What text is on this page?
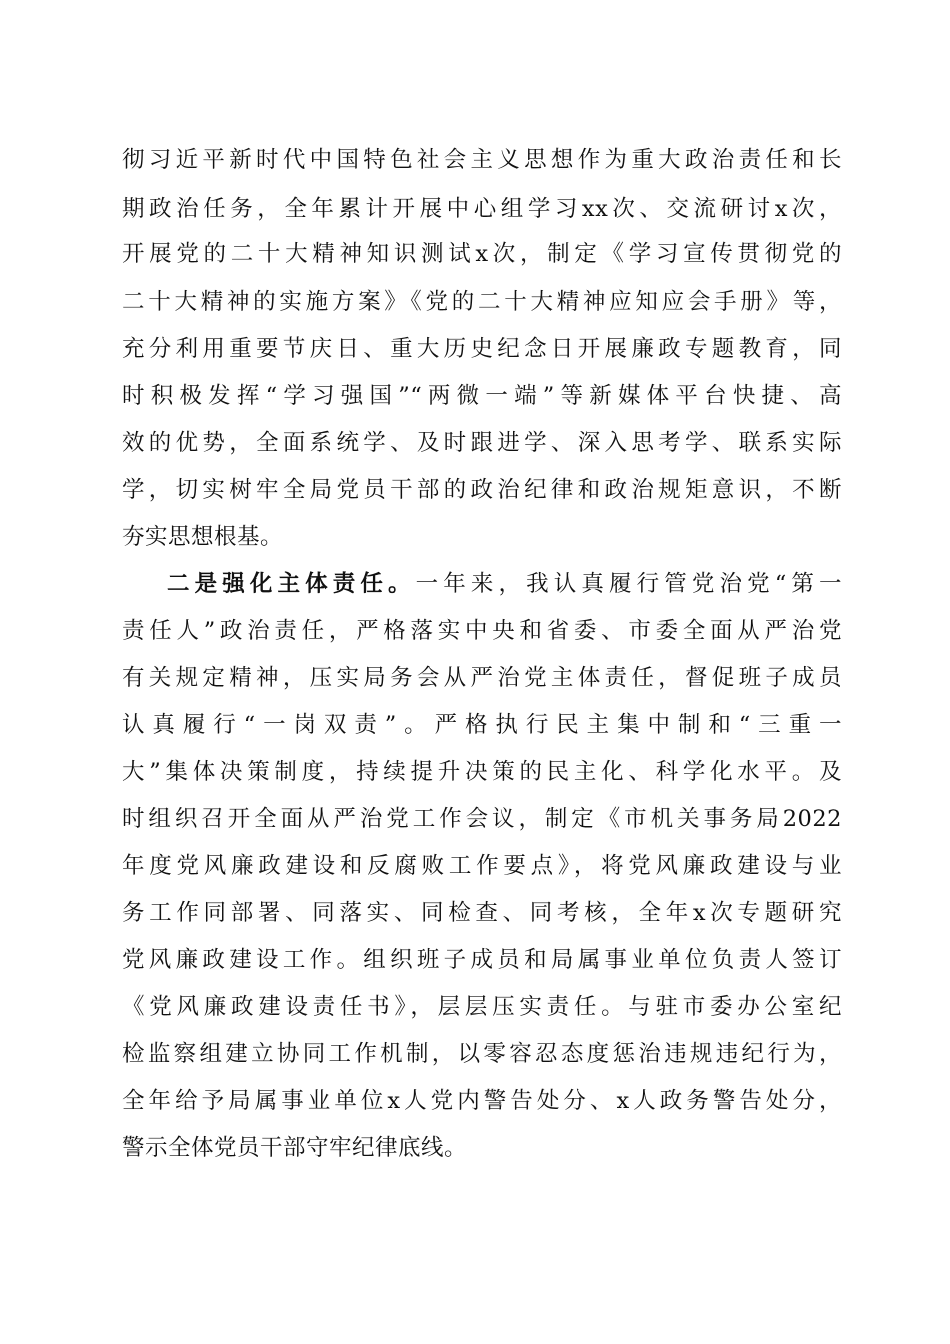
彻习近平新时代中国特色社会主义思想作为重大政治责任和长
期政治任务，全年累计开展中心组学习xx次、交流研讨x次，
开展党的二十大精神知识测试x次，制定《学习宣传贯彻党的
二十大精神的实施方案》《党的二十大精神应知应会手册》等，
充分利用重要节庆日、重大历史纪念日开展廉政专题教育，同
时积极发挥“学习强国”“两微一端”等新媒体平台快捷、高
效的优势，全面系统学、及时跟进学、深入思考学、联系实际
学，切实树牢全局党员干部的政治纪律和政治规矩意识，不断
夯实思想根基。
二是强化主体责任。一年来，我认真履行管党治党“第一
责任人”政治责任，严格落实中央和省委、市委全面从严治党
有关规定精神，压实局务会从严治党主体责任，督促班子成员
认真履行“一岗双责”。严格执行民主集中制和“三重一
大”集体决策制度，持续提升决策的民主化、科学化水平。及
时组织召开全面从严治党工作会议，制定《市机关事务局2022
年度党风廉政建设和反腐败工作要点》，将党风廉政建设与业
务工作同部署、同落实、同检查、同考核，全年x次专题研究
党风廉政建设工作。组织班子成员和局属事业单位负责人签订
《党风廉政建设责任书》，层层压实责任。与驻市委办公室纪
检监察组建立协同工作机制，以零容忍态度惩治违规违纪行为，
全年给予局属事业单位x人党内警告处分、x人政务警告处分，
警示全体党员干部守牢纪律底线。
